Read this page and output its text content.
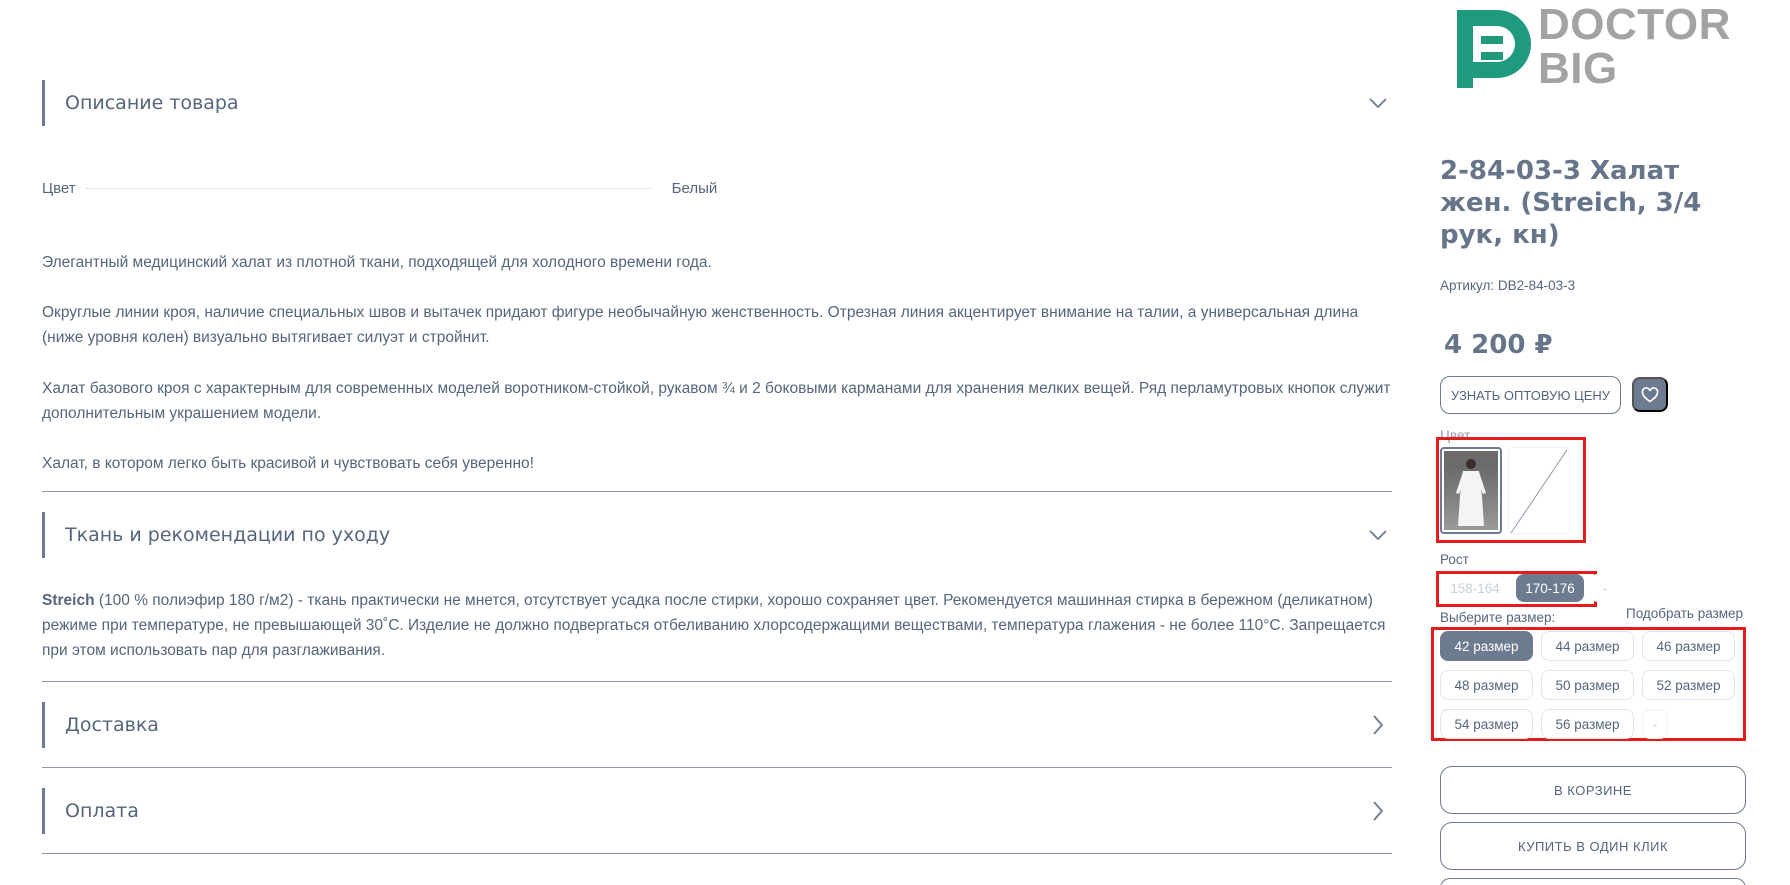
Описание товара
Цвет	Белый

Элегантный медицинский халат из плотной ткани, подходящей для холодного времени года.

Округлые линии кроя, наличие специальных швов и вытачек придают фигуре необычайную женственность. Отрезная линия акцентирует внимание на талии, а универсальная длина (ниже уровня колен) визуально вытягивает силуэт и стройнит.

Халат базового кроя с характерным для современных моделей воротником-стойкой, рукавом ¾ и 2 боковыми карманами для хранения мелких вещей. Ряд перламутровых кнопок служит дополнительным украшением модели.

Халат, в котором легко быть красивой и чувствовать себя уверенно!

Ткань и рекомендации по уходу

Streich (100 % полиэфир 180 г/м2) - ткань практически не мнется, отсутствует усадка после стирки, хорошо сохраняет цвет. Рекомендуется машинная стирка в бережном (деликатном) режиме при температуре, не превышающей 30˚С. Изделие не должно подвергаться отбеливанию хлорсодержащими веществами, температура глажения - не более 110°С. Запрещается при этом использовать пар для разглаживания.

Доставка
Оплата
DOCTOR
BIG
2-84-03-3 Халат жен. (Streich, 3/4 рук, кн)
Артикул: DB2-84-03-3
4 200 ₽
УЗНАТЬ ОПТОВУЮ ЦЕНУ
Цвет
Рост
158-164	170-176	-
Выберите размер:	Подобрать размер
42 размер	44 размер	46 размер
48 размер	50 размер	52 размер
54 размер	56 размер	-
В КОРЗИНЕ
КУПИТЬ В ОДИН КЛИК
